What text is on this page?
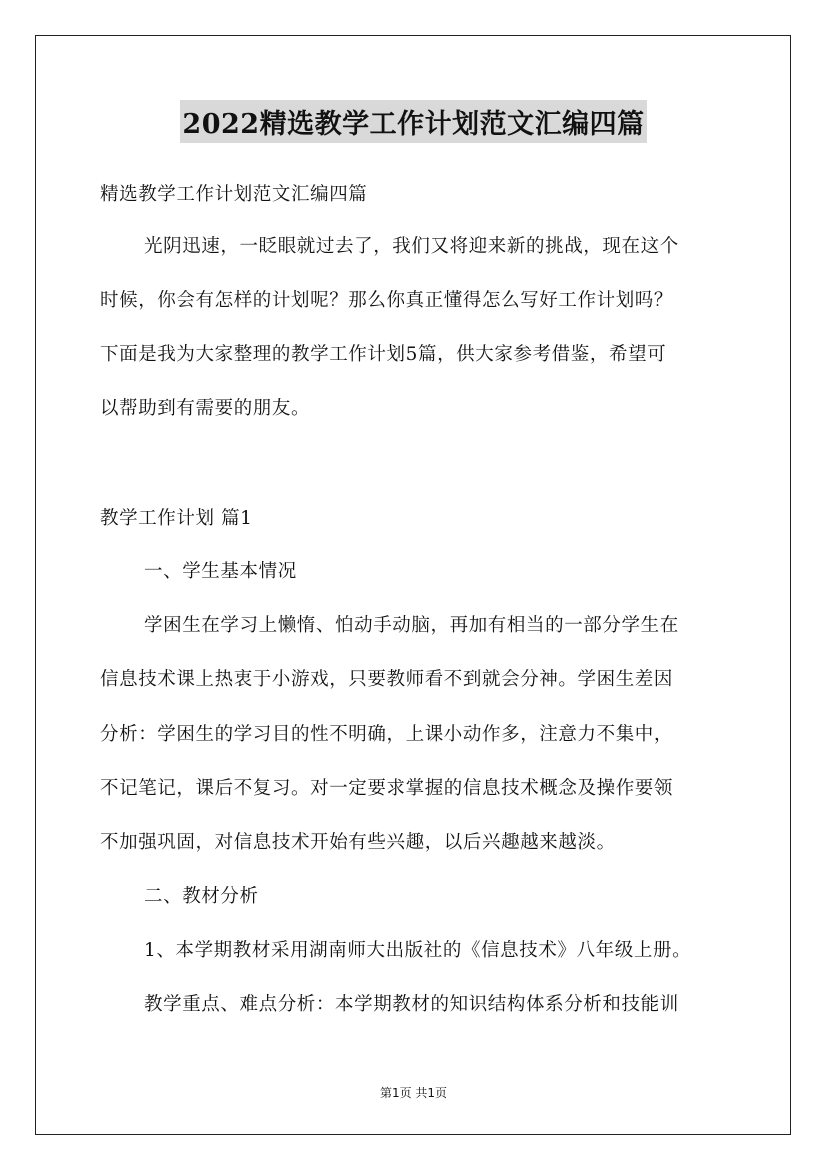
2022精选教学工作计划范文汇编四篇
精选教学工作计划范文汇编四篇
光阴迅速，一眨眼就过去了，我们又将迎来新的挑战，现在这个
时候，你会有怎样的计划呢？那么你真正懂得怎么写好工作计划吗？
下面是我为大家整理的教学工作计划5篇，供大家参考借鉴，希望可
以帮助到有需要的朋友。
教学工作计划 篇1
一、学生基本情况
学困生在学习上懒惰、怕动手动脑，再加有相当的一部分学生在
信息技术课上热衷于小游戏，只要教师看不到就会分神。学困生差因
分析：学困生的学习目的性不明确，上课小动作多，注意力不集中，
不记笔记，课后不复习。对一定要求掌握的信息技术概念及操作要领
不加强巩固，对信息技术开始有些兴趣，以后兴趣越来越淡。
二、教材分析
1、本学期教材采用湖南师大出版社的《信息技术》八年级上册。
教学重点、难点分析：本学期教材的知识结构体系分析和技能训
第1页 共1页
